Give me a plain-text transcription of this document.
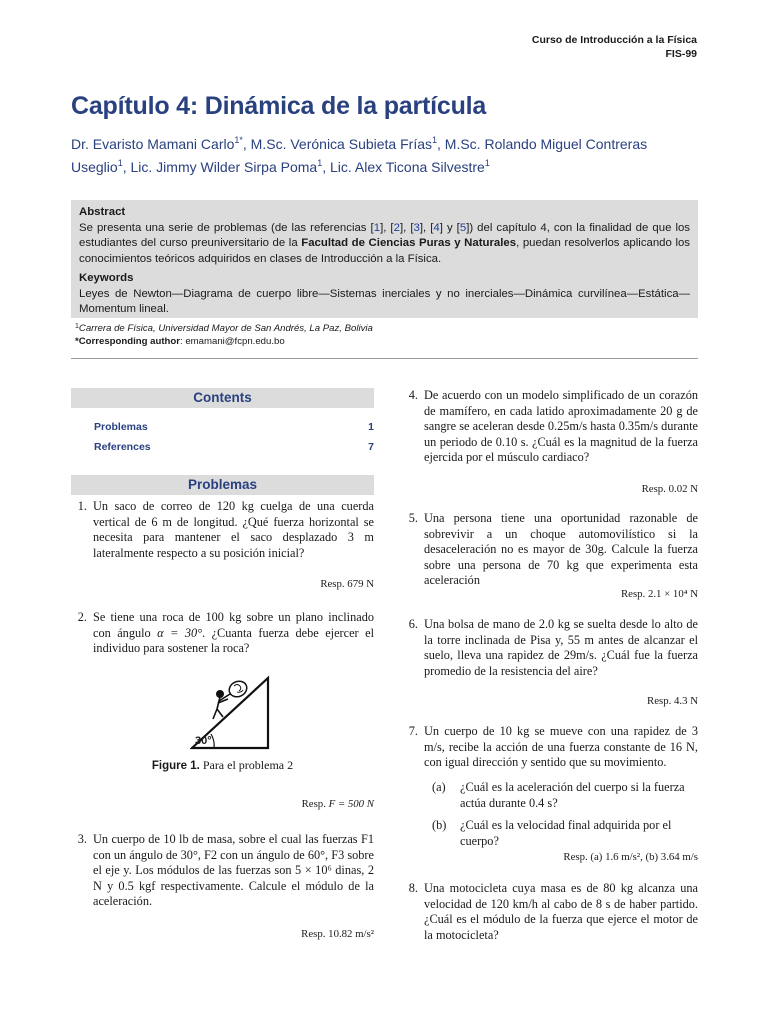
Curso de Introducción a la Física
FIS-99
Capítulo 4: Dinámica de la partícula
Dr. Evaristo Mamani Carlo$^{1*}$, M.Sc. Verónica Subieta Frías$^1$, M.Sc. Rolando Miguel Contreras
Useglio$^1$, Lic. Jimmy Wilder Sirpa Poma$^1$, Lic. Alex Ticona Silvestre$^1$
Abstract

Se presenta una serie de problemas (de las referencias [1], [2], [3], [4] y [5]) del capítulo 4, con la finalidad de que los estudiantes del curso preuniversitario de la Facultad de Ciencias Puras y Naturales, puedan resolverlos aplicando los conocimientos teóricos adquiridos en clases de Introducción a la Física.

Keywords

Leyes de Newton—Diagrama de cuerpo libre—Sistemas inerciales y no inerciales—Dinámica curvilínea—Estática—Momentum lineal.

$^1$Carrera de Física, Universidad Mayor de San Andrés, La Paz, Bolivia
*Corresponding author: emamani@fcpn.edu.bo
Contents
Problemas	1
References	7
Problemas
1. Un saco de correo de 120 kg cuelga de una cuerda vertical de 6 m de longitud. ¿Qué fuerza horizontal se necesita para mantener el saco desplazado 3 m lateralmente respecto a su posición inicial?
Resp. 679 N
2. Se tiene una roca de 100 kg sobre un plano inclinado con ángulo α = 30°. ¿Cuanta fuerza debe ejercer el individuo para sostener la roca?
30°
Figure 1. Para el problema 2
Resp. F = 500 N
3. Un cuerpo de 10 lb de masa, sobre el cual las fuerzas F1 con un ángulo de 30°, F2 con un ángulo de 60°, F3 sobre el eje y. Los módulos de las fuerzas son 5 × 10⁶ dinas, 2 N y 0.5 kgf respectivamente. Calcule el módulo de la aceleración.
Resp. 10.82 m/s²
4. De acuerdo con un modelo simplificado de un corazón de mamífero, en cada latido aproximadamente 20 g de sangre se aceleran desde 0.25m/s hasta 0.35m/s durante un periodo de 0.10 s. ¿Cuál es la magnitud de la fuerza ejercida por el músculo cardiaco?
Resp. 0.02 N
5. Una persona tiene una oportunidad razonable de sobrevivir a un choque automovilístico si la desaceleración no es mayor de 30g. Calcule la fuerza sobre una persona de 70 kg que experimenta esta aceleración
Resp. 2.1 × 10⁴ N
6. Una bolsa de mano de 2.0 kg se suelta desde lo alto de la torre inclinada de Pisa y, 55 m antes de alcanzar el suelo, lleva una rapidez de 29m/s. ¿Cuál fue la fuerza promedio de la resistencia del aire?
Resp. 4.3 N
7. Un cuerpo de 10 kg se mueve con una rapidez de 3 m/s, recibe la acción de una fuerza constante de 16 N, con igual dirección y sentido que su movimiento.
(a) ¿Cuál es la aceleración del cuerpo si la fuerza actúa durante 0.4 s?
(b) ¿Cuál es la velocidad final adquirida por el cuerpo?
Resp. (a) 1.6 m/s², (b) 3.64 m/s
8. Una motocicleta cuya masa es de 80 kg alcanza una velocidad de 120 km/h al cabo de 8 s de haber partido. ¿Cuál es el módulo de la fuerza que ejerce el motor de la motocicleta?
